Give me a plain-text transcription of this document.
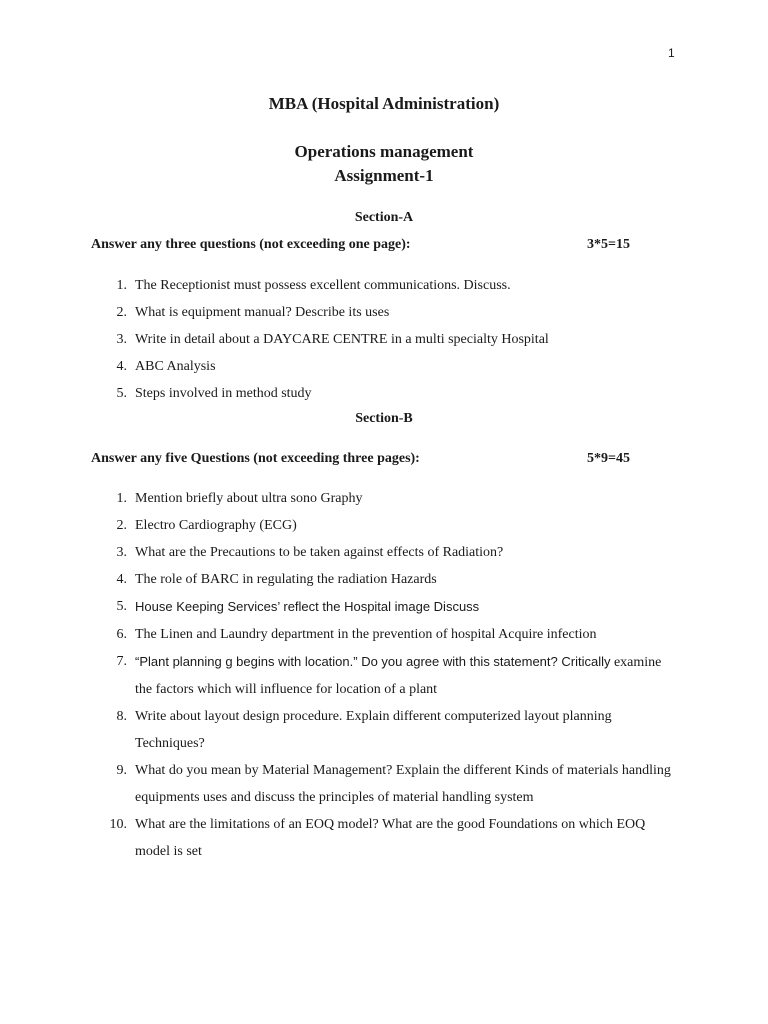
1
MBA (Hospital Administration)
Operations management
Assignment-1
Section-A
Answer any three questions (not exceeding one page):	3*5=15
1. The Receptionist must possess excellent communications. Discuss.
2. What is equipment manual? Describe its uses
3. Write in detail about a DAYCARE CENTRE in a multi specialty Hospital
4. ABC Analysis
5. Steps involved in method study
Section-B
Answer any five Questions (not exceeding three pages):	5*9=45
1. Mention briefly about ultra sono Graphy
2. Electro Cardiography (ECG)
3. What are the Precautions to be taken against effects of Radiation?
4. The role of BARC in regulating the radiation Hazards
5. House Keeping Services’ reflect the Hospital image Discuss
6. The Linen and Laundry department in the prevention of hospital Acquire infection
7. “Plant planning g begins with location.” Do you agree with this statement? Critically examine the factors which will influence for location of a plant
8. Write about layout design procedure. Explain different computerized layout planning Techniques?
9. What do you mean by Material Management? Explain the different Kinds of materials handling equipments uses and discuss the principles of material handling system
10. What are the limitations of an EOQ model? What are the good Foundations on which EOQ model is set
